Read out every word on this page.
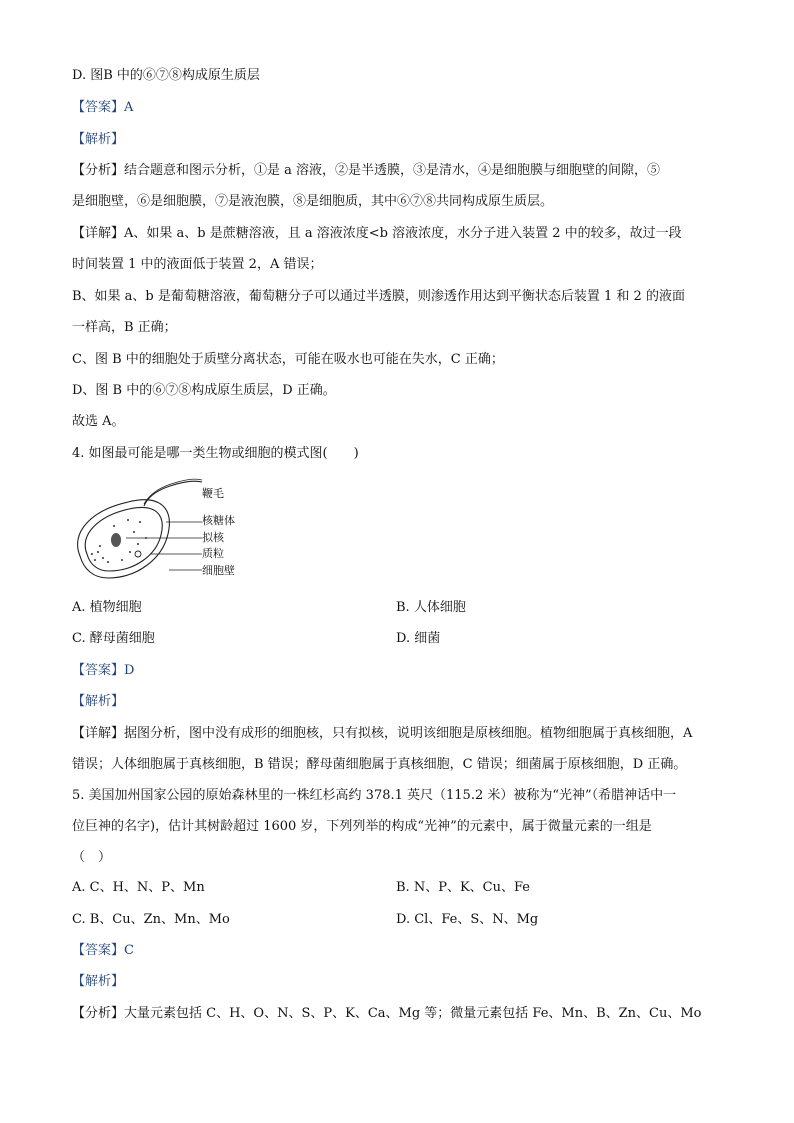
D. 图B 中的⑥⑦⑧构成原生质层
【答案】A
【解析】
【分析】结合题意和图示分析，①是 a 溶液，②是半透膜，③是清水，④是细胞膜与细胞壁的间隙，⑤
是细胞壁，⑥是细胞膜，⑦是液泡膜，⑧是细胞质，其中⑥⑦⑧共同构成原生质层。
【详解】A、如果 a、b 是蔗糖溶液，且 a 溶液浓度<b 溶液浓度，水分子进入装置 2 中的较多，故过一段
时间装置 1 中的液面低于装置 2，A 错误；
B、如果 a、b 是葡萄糖溶液，葡萄糖分子可以通过半透膜，则渗透作用达到平衡状态后装置 1 和 2 的液面
一样高，B 正确；
C、图 B 中的细胞处于质壁分离状态，可能在吸水也可能在失水，C 正确；
D、图 B 中的⑥⑦⑧构成原生质层，D 正确。
故选 A。
4. 如图最可能是哪一类生物或细胞的模式图(　　)
鞭毛
核糖体
拟核
质粒
细胞壁
A. 植物细胞	B. 人体细胞
C. 酵母菌细胞	D. 细菌
【答案】D
【解析】
【详解】据图分析，图中没有成形的细胞核，只有拟核，说明该细胞是原核细胞。植物细胞属于真核细胞，A
错误；人体细胞属于真核细胞，B 错误；酵母菌细胞属于真核细胞，C 错误；细菌属于原核细胞，D 正确。
5. 美国加州国家公园的原始森林里的一株红杉高约 378.1 英尺（115.2 米）被称为“光神”（希腊神话中一
位巨神的名字)，估计其树龄超过 1600 岁，下列列举的构成“光神”的元素中，属于微量元素的一组是
（　）
A. C、H、N、P、Mn	B. N、P、K、Cu、Fe
C. B、Cu、Zn、Mn、Mo	D. Cl、Fe、S、N、Mg
【答案】C
【解析】
【分析】大量元素包括 C、H、O、N、S、P、K、Ca、Mg 等；微量元素包括 Fe、Mn、B、Zn、Cu、Mo
